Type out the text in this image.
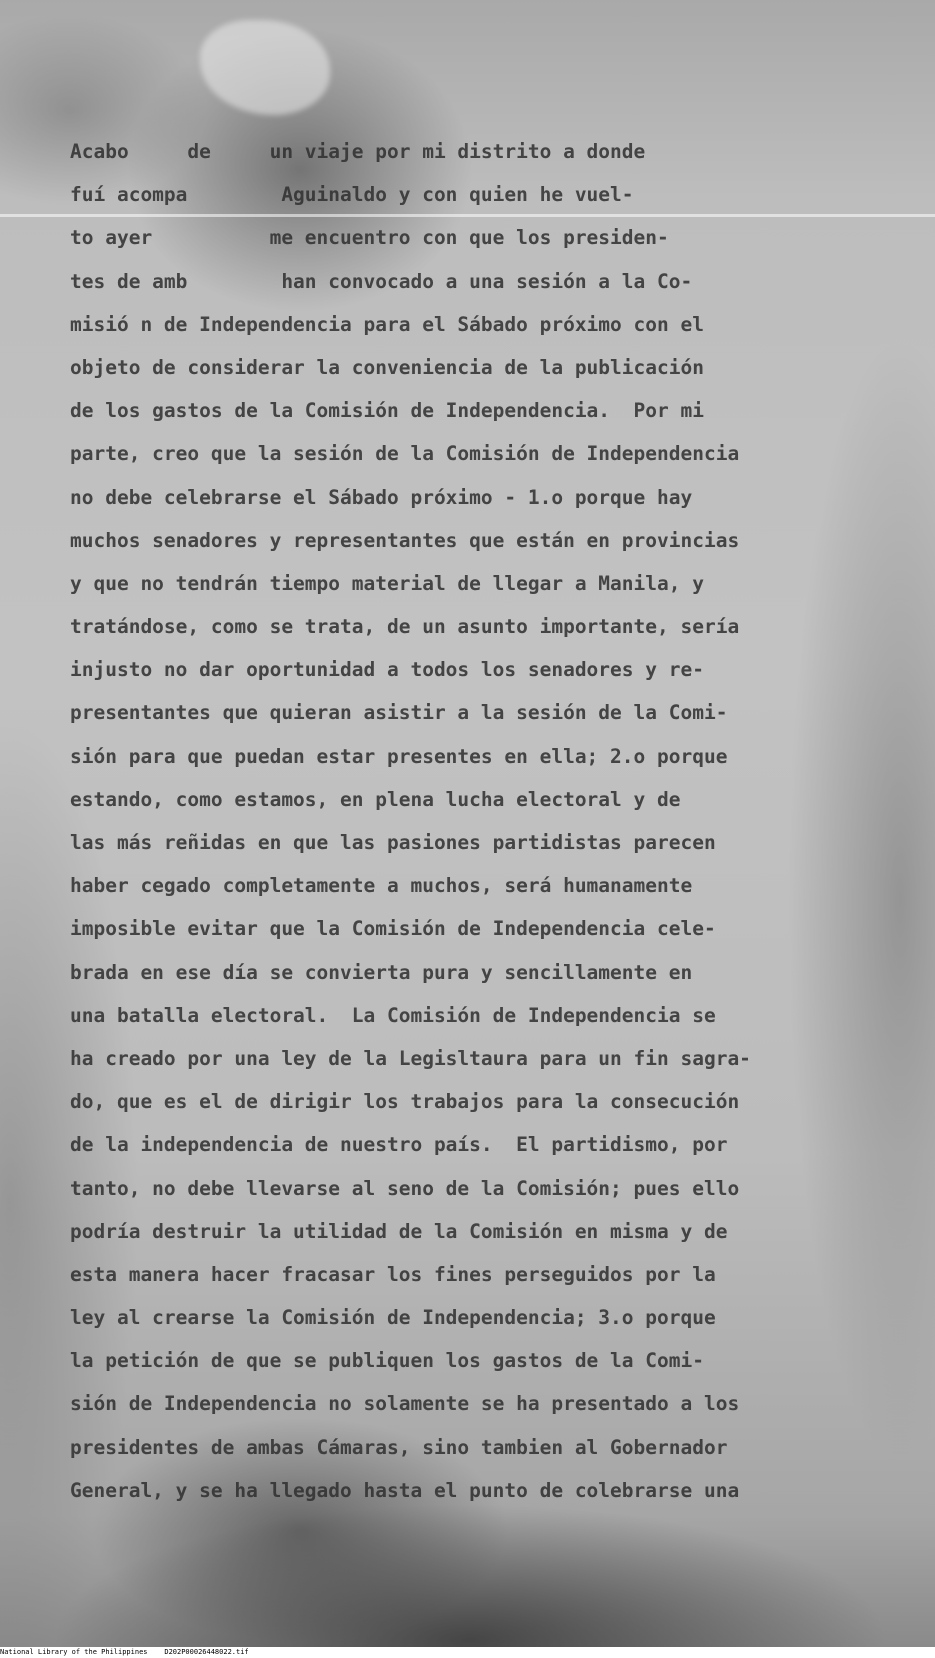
Acabo     de     un viaje por mi distrito a donde
fuí acompa        Aguinaldo y con quien he vuel-
to ayer          me encuentro con que los presiden-
tes de amb        han convocado a una sesión a la Co-
misió n de Independencia para el Sábado próximo con el
objeto de considerar la conveniencia de la publicación
de los gastos de la Comisión de Independencia.  Por mi
parte, creo que la sesión de la Comisión de Independencia
no debe celebrarse el Sábado próximo - 1.o porque hay
muchos senadores y representantes que están en provincias
y que no tendrán tiempo material de llegar a Manila, y
tratándose, como se trata, de un asunto importante, sería
injusto no dar oportunidad a todos los senadores y re-
presentantes que quieran asistir a la sesión de la Comi-
sión para que puedan estar presentes en ella; 2.o porque
estando, como estamos, en plena lucha electoral y de
las más reñidas en que las pasiones partidistas parecen
haber cegado completamente a muchos, será humanamente
imposible evitar que la Comisión de Independencia cele-
brada en ese día se convierta pura y sencillamente en
una batalla electoral.  La Comisión de Independencia se
ha creado por una ley de la Legisltaura para un fin sagra-
do, que es el de dirigir los trabajos para la consecución
de la independencia de nuestro país.  El partidismo, por
tanto, no debe llevarse al seno de la Comisión; pues ello
podría destruir la utilidad de la Comisión en misma y de
esta manera hacer fracasar los fines perseguidos por la
ley al crearse la Comisión de Independencia; 3.o porque
la petición de que se publiquen los gastos de la Comi-
sión de Independencia no solamente se ha presentado a los
presidentes de ambas Cámaras, sino tambien al Gobernador
General, y se ha llegado hasta el punto de colebrarse una
National Library of the Philippines    D202P00026448022.tif
